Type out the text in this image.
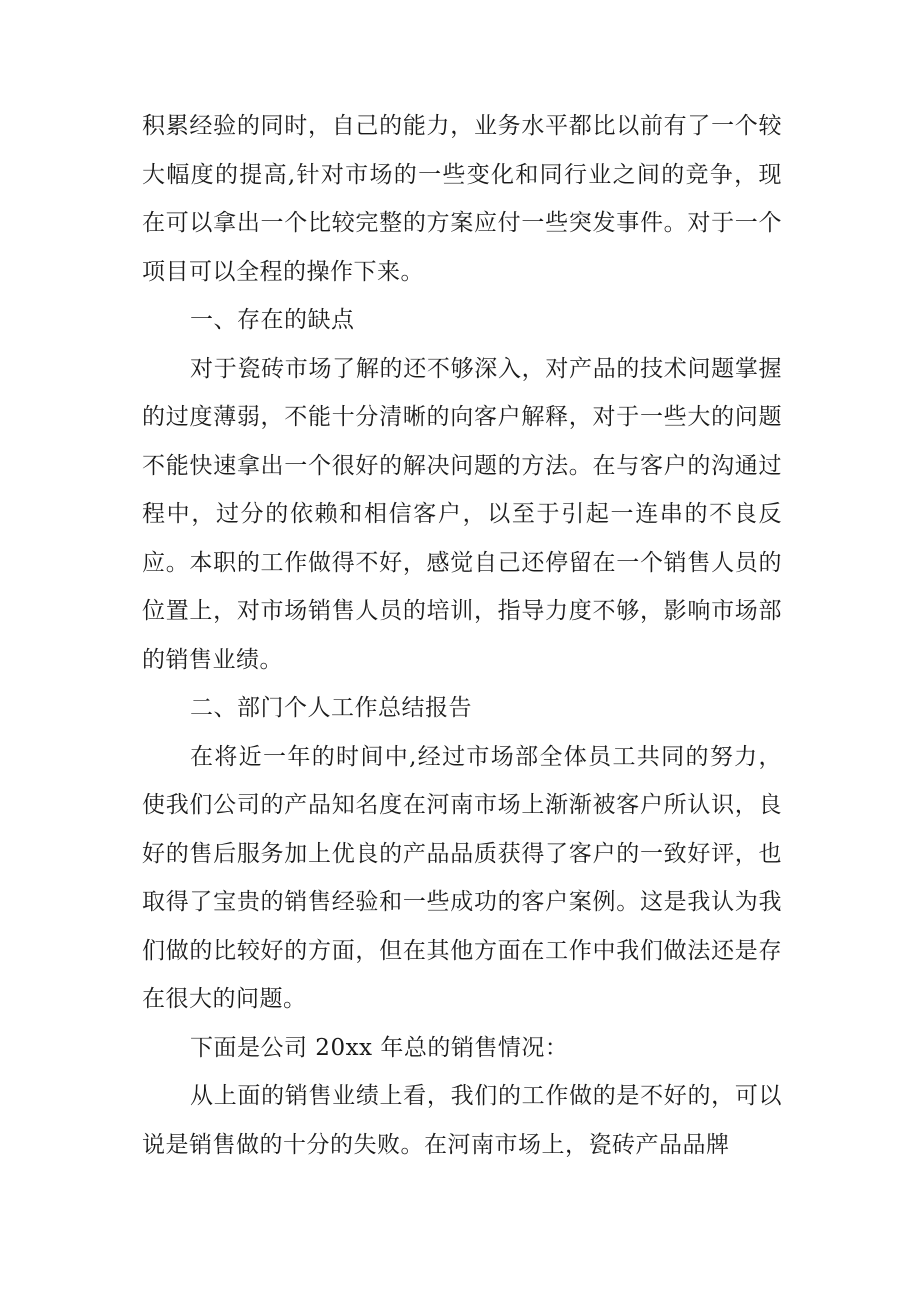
积累经验的同时，自己的能力，业务水平都比以前有了一个较大幅度的提高,针对市场的一些变化和同行业之间的竞争，现在可以拿出一个比较完整的方案应付一些突发事件。对于一个项目可以全程的操作下来。

一、存在的缺点

对于瓷砖市场了解的还不够深入，对产品的技术问题掌握的过度薄弱，不能十分清晰的向客户解释，对于一些大的问题不能快速拿出一个很好的解决问题的方法。在与客户的沟通过程中，过分的依赖和相信客户，以至于引起一连串的不良反应。本职的工作做得不好，感觉自己还停留在一个销售人员的位置上，对市场销售人员的培训，指导力度不够，影响市场部的销售业绩。

二、部门个人工作总结报告

在将近一年的时间中,经过市场部全体员工共同的努力，使我们公司的产品知名度在河南市场上渐渐被客户所认识，良好的售后服务加上优良的产品品质获得了客户的一致好评，也取得了宝贵的销售经验和一些成功的客户案例。这是我认为我们做的比较好的方面，但在其他方面在工作中我们做法还是存在很大的问题。

下面是公司 20xx 年总的销售情况：

从上面的销售业绩上看，我们的工作做的是不好的，可以说是销售做的十分的失败。在河南市场上，瓷砖产品品牌
